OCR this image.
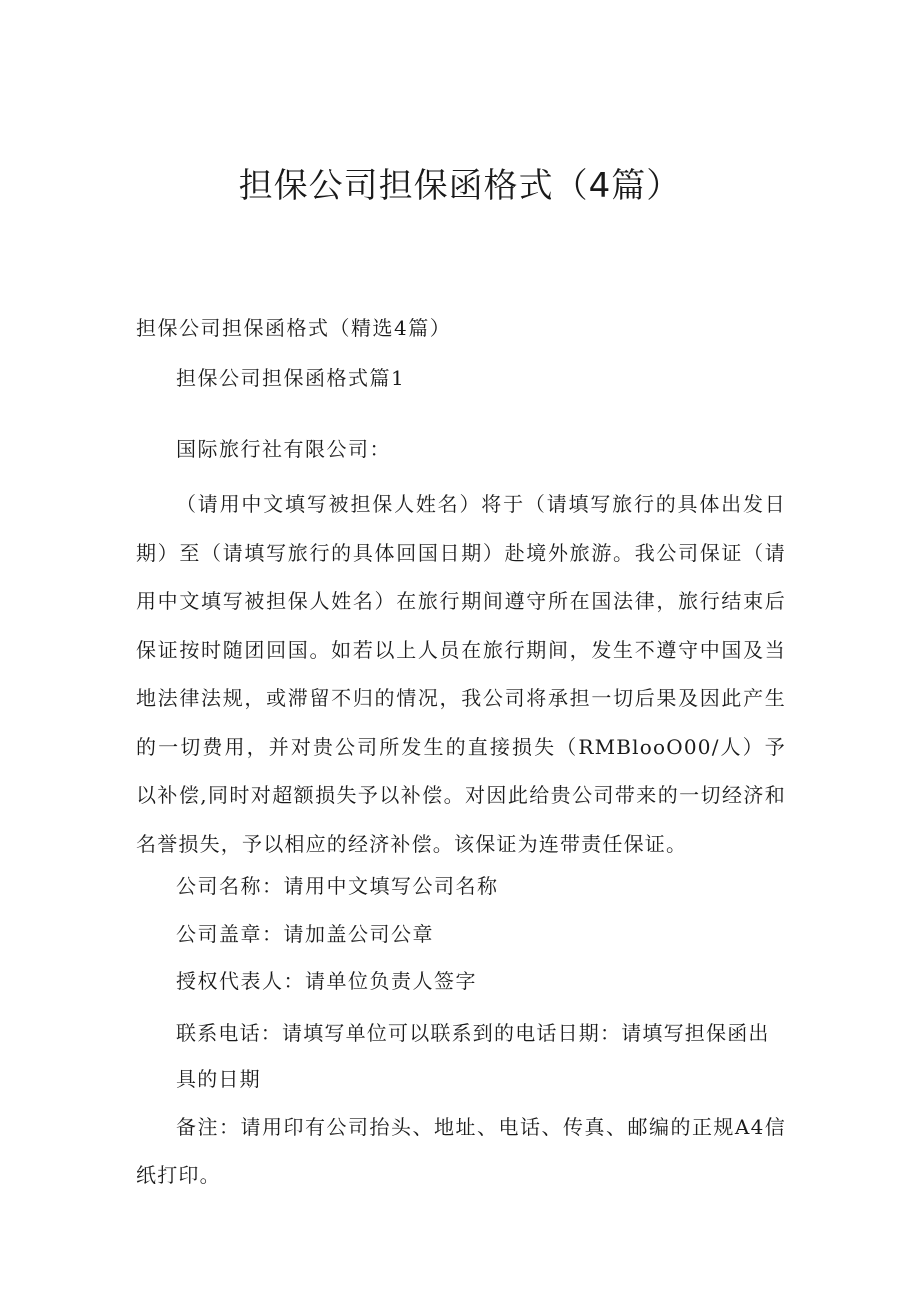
担保公司担保函格式（4篇）

担保公司担保函格式（精选4篇）

担保公司担保函格式篇1

国际旅行社有限公司：

（请用中文填写被担保人姓名）将于（请填写旅行的具体出发日期）至（请填写旅行的具体回国日期）赴境外旅游。我公司保证（请用中文填写被担保人姓名）在旅行期间遵守所在国法律，旅行结束后保证按时随团回国。如若以上人员在旅行期间，发生不遵守中国及当地法律法规，或滞留不归的情况，我公司将承担一切后果及因此产生的一切费用，并对贵公司所发生的直接损失（RMBlooO00/人）予以补偿,同时对超额损失予以补偿。对因此给贵公司带来的一切经济和名誉损失，予以相应的经济补偿。该保证为连带责任保证。

公司名称：请用中文填写公司名称

公司盖章：请加盖公司公章

授权代表人：请单位负责人签字

联系电话：请填写单位可以联系到的电话日期：请填写担保函出具的日期

备注：请用印有公司抬头、地址、电话、传真、邮编的正规A4信纸打印。
